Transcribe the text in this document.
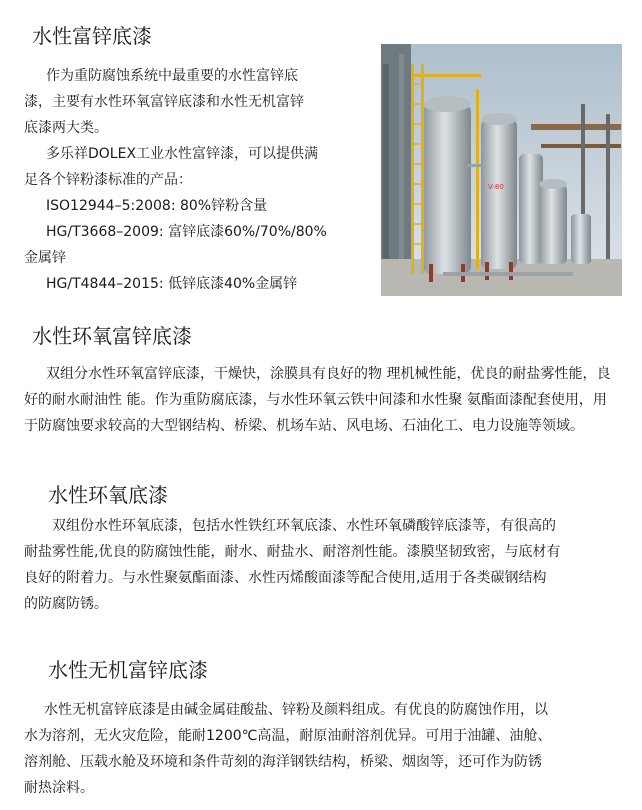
水性富锌底漆

作为重防腐蚀系统中最重要的水性富锌底

漆，主要有水性环氧富锌底漆和水性无机富锌

底漆两大类。

多乐祥DOLEX工业水性富锌漆，可以提供满

足各个锌粉漆标准的产品：

ISO12944–5:2008: 80%锌粉含量

HG/T3668–2009: 富锌底漆60%/70%/80%

金属锌

HG/T4844–2015: 低锌底漆40%金属锌

V-80
水性环氧富锌底漆

双组分水性环氧富锌底漆，干燥快，涂膜具有良好的物 理机械性能，优良的耐盐雾性能，良

好的耐水耐油性 能。作为重防腐底漆，与水性环氧云铁中间漆和水性聚 氨酯面漆配套使用，用

于防腐蚀要求较高的大型钢结构、桥梁、机场车站、风电场、石油化工、电力设施等领域。

水性环氧底漆

双组份水性环氧底漆，包括水性铁红环氧底漆、水性环氧磷酸锌底漆等，有很高的

耐盐雾性能,优良的防腐蚀性能，耐水、耐盐水、耐溶剂性能。漆膜坚韧致密，与底材有

良好的附着力。与水性聚氨酯面漆、水性丙烯酸面漆等配合使用,适用于各类碳钢结构

的防腐防锈。

水性无机富锌底漆

水性无机富锌底漆是由碱金属硅酸盐、锌粉及颜料组成。有优良的防腐蚀作用，以

水为溶剂，无火灾危险，能耐1200℃高温，耐原油耐溶剂优异。可用于油罐、油舱、

溶剂舱、压载水舱及环境和条件苛刻的海洋钢铁结构，桥梁、烟囱等，还可作为防锈

耐热涂料。
